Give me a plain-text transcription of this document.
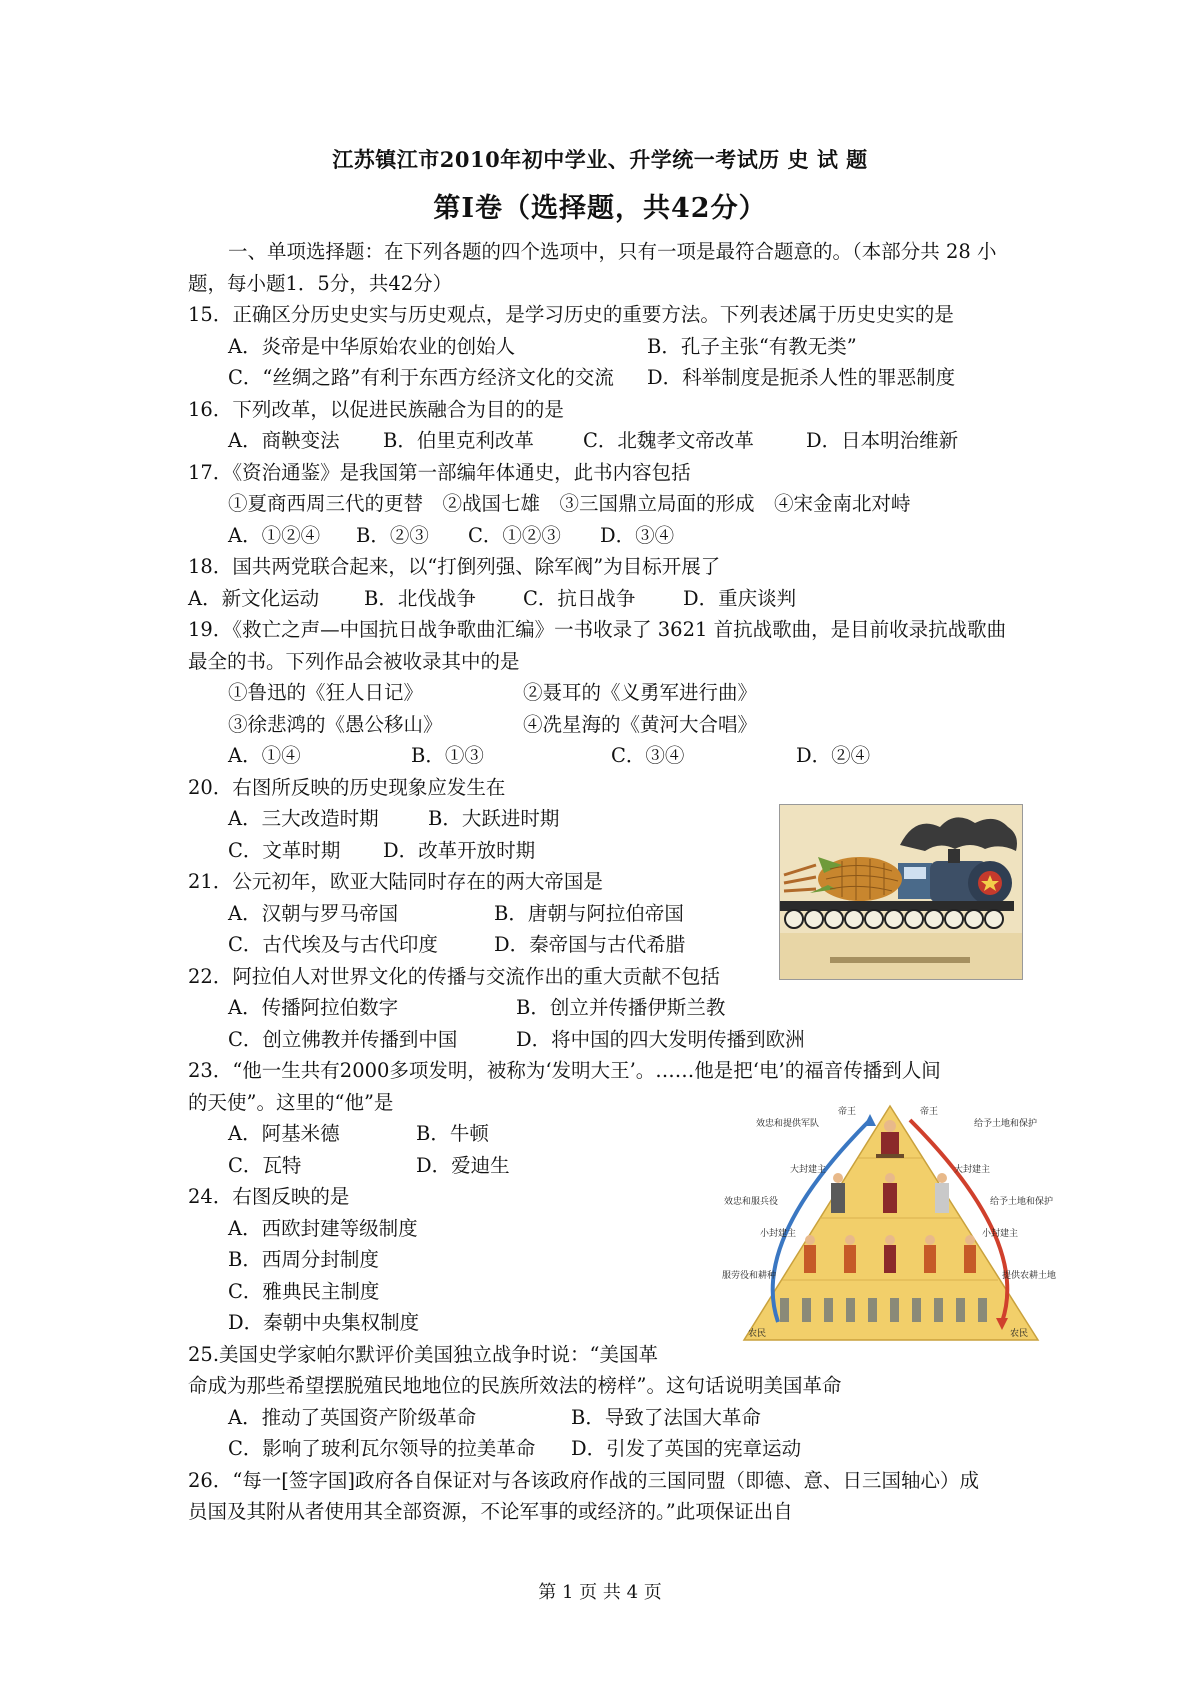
江苏镇江市2010年初中学业、升学统一考试历 史 试 题
第Ⅰ卷（选择题，共42分）
一、单项选择题：在下列各题的四个选项中，只有一项是最符合题意的。（本部分共 28 小
题，每小题1．5分，共42分）
15．正确区分历史史实与历史观点，是学习历史的重要方法。下列表述属于历史史实的是
A．炎帝是中华原始农业的创始人	B．孔子主张“有教无类”
C．“丝绸之路”有利于东西方经济文化的交流 D．科举制度是扼杀人性的罪恶制度
16．下列改革，以促进民族融合为目的的是
A．商鞅变法 B．伯里克利改革	C．北魏孝文帝改革	D．日本明治维新
17．《资治通鉴》是我国第一部编年体通史，此书内容包括
①夏商西周三代的更替　②战国七雄　③三国鼎立局面的形成　④宋金南北对峙
A．①②④ B．②③ C．①②③ D．③④
18．国共两党联合起来，以“打倒列强、除军阀”为目标开展了
A．新文化运动 B．北伐战争 C．抗日战争 D．重庆谈判
19．《救亡之声—中国抗日战争歌曲汇编》一书收录了 3621 首抗战歌曲，是目前收录抗战歌曲
最全的书。下列作品会被收录其中的是
①鲁迅的《狂人日记》	②聂耳的《义勇军进行曲》
③徐悲鸿的《愚公移山》	④冼星海的《黄河大合唱》
A．①④	B．①③	C．③④	D．②④
20．右图所反映的历史现象应发生在
A．三大改造时期	B．大跃进时期
C．文革时期 D．改革开放时期
21．公元初年，欧亚大陆同时存在的两大帝国是
A．汉朝与罗马帝国	B．唐朝与阿拉伯帝国
C．古代埃及与古代印度	D．秦帝国与古代希腊
22．阿拉伯人对世界文化的传播与交流作出的重大贡献不包括
A．传播阿拉伯数字	B．创立并传播伊斯兰教
C．创立佛教并传播到中国	D．将中国的四大发明传播到欧洲
23．“他一生共有2000多项发明，被称为‘发明大王’。……他是把‘电’的福音传播到人间
的天使”。这里的“他”是
A．阿基米德	B．牛顿
C．瓦特	D．爱迪生
24．右图反映的是
A．西欧封建等级制度
B．西周分封制度
C．雅典民主制度
D．秦朝中央集权制度
25.美国史学家帕尔默评价美国独立战争时说：“美国革
命成为那些希望摆脱殖民地地位的民族所效法的榜样”。这句话说明美国革命
A．推动了英国资产阶级革命	B．导致了法国大革命
C．影响了玻利瓦尔领导的拉美革命 D．引发了英国的宪章运动
26．“每一[签字国]政府各自保证对与各该政府作战的三国同盟（即德、意、日三国轴心）成
员国及其附从者使用其全部资源，不论军事的或经济的。”此项保证出自
帝王	帝王
效忠和提供军队	给予土地和保护
大封建主	大封建主
效忠和服兵役	给予土地和保护
小封建主	小封建主
服劳役和耕种	提供农耕土地
农民	农民
第 1 页 共 4 页
